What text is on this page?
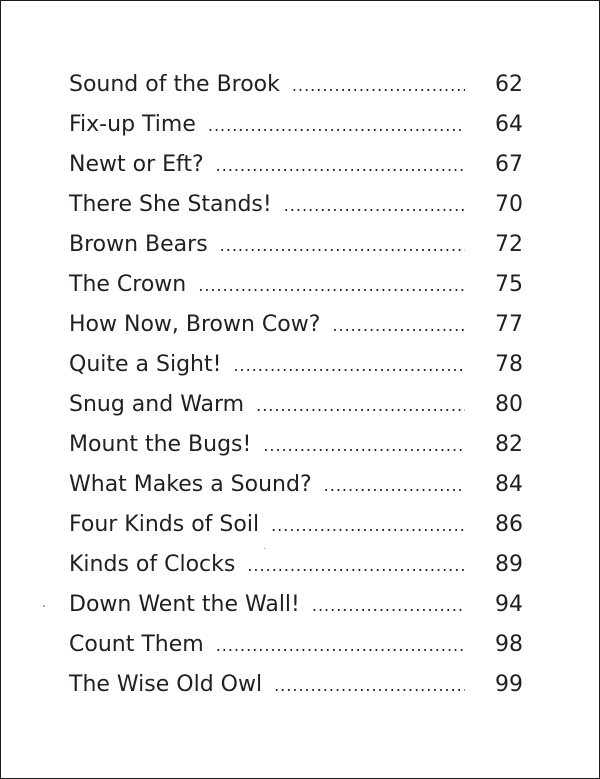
Sound of the Brook .....	62
Fix-up Time .....	64
Newt or Eft? .....	67
There She Stands! .....	70
Brown Bears .....	72
The Crown .....	75
How Now, Brown Cow? .....	77
Quite a Sight! .....	78
Snug and Warm .....	80
Mount the Bugs! .....	82
What Makes a Sound? .....	84
Four Kinds of Soil .....	86
Kinds of Clocks .....	89
Down Went the Wall! .....	94
Count Them .....	98
The Wise Old Owl .....	99
